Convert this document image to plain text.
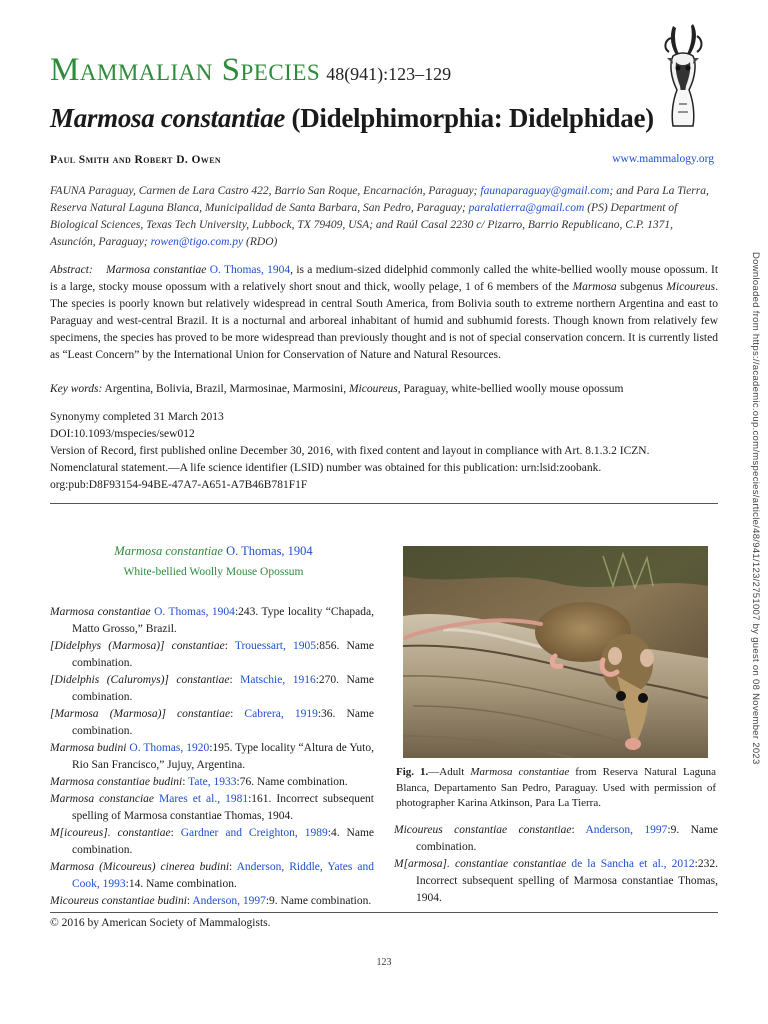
Mammalian Species 48(941):123–129
Marmosa constantiae (Didelphimorphia: Didelphidae)
Paul Smith and Robert D. Owen	www.mammalogy.org
FAUNA Paraguay, Carmen de Lara Castro 422, Barrio San Roque, Encarnación, Paraguay; faunaparaguay@gmail.com; and Para La Tierra, Reserva Natural Laguna Blanca, Municipalidad de Santa Barbara, San Pedro, Paraguay; paralatierra@gmail.com (PS) Department of Biological Sciences, Texas Tech University, Lubbock, TX 79409, USA; and Raúl Casal 2230 c/ Pizarro, Barrio Republicano, C.P. 1371, Asunción, Paraguay; rowen@tigo.com.py (RDO)
Abstract: Marmosa constantiae O. Thomas, 1904, is a medium-sized didelphid commonly called the white-bellied woolly mouse opossum. It is a large, stocky mouse opossum with a relatively short snout and thick, woolly pelage, 1 of 6 members of the Marmosa subgenus Micoureus. The species is poorly known but relatively widespread in central South America, from Bolivia south to extreme northern Argentina and east to Paraguay and west-central Brazil. It is a nocturnal and arboreal inhabitant of humid and subhumid forests. Though known from relatively few specimens, the species has proved to be more widespread than previously thought and is not of special conservation concern. It is currently listed as “Least Concern” by the International Union for Conservation of Nature and Natural Resources.
Key words: Argentina, Bolivia, Brazil, Marmosinae, Marmosini, Micoureus, Paraguay, white-bellied woolly mouse opossum
Synonymy completed 31 March 2013
DOI:10.1093/mspecies/sew012
Version of Record, first published online December 30, 2016, with fixed content and layout in compliance with Art. 8.1.3.2 ICZN.
Nomenclatural statement.—A life science identifier (LSID) number was obtained for this publication: urn:lsid:zoobank.
org:pub:D8F93154-94BE-47A7-A651-A7B46B781F1F
Marmosa constantiae O. Thomas, 1904
White-bellied Woolly Mouse Opossum
Marmosa constantiae O. Thomas, 1904:243. Type locality “Chapada, Matto Grosso,” Brazil.
[Didelphys (Marmosa)] constantiae: Trouessart, 1905:856. Name combination.
[Didelphis (Caluromys)] constantiae: Matschie, 1916:270. Name combination.
[Marmosa (Marmosa)] constantiae: Cabrera, 1919:36. Name combination.
Marmosa budini O. Thomas, 1920:195. Type locality “Altura de Yuto, Rio San Francisco,” Jujuy, Argentina.
Marmosa constantiae budini: Tate, 1933:76. Name combination.
Marmosa constanciae Mares et al., 1981:161. Incorrect subsequent spelling of Marmosa constantiae Thomas, 1904.
M[icoureus]. constantiae: Gardner and Creighton, 1989:4. Name combination.
Marmosa (Micoureus) cinerea budini: Anderson, Riddle, Yates and Cook, 1993:14. Name combination.
Micoureus constantiae budini: Anderson, 1997:9. Name combination.
Fig. 1.—Adult Marmosa constantiae from Reserva Natural Laguna Blanca, Departamento San Pedro, Paraguay. Used with permission of photographer Karina Atkinson, Para La Tierra.
Micoureus constantiae constantiae: Anderson, 1997:9. Name combination.
M[armosa]. constantiae constantiae de la Sancha et al., 2012:232. Incorrect subsequent spelling of Marmosa constantiae Thomas, 1904.
© 2016 by American Society of Mammalogists.
123
Downloaded from https://academic.oup.com/mspecies/article/48/941/123/2751007 by guest on 08 November 2023
